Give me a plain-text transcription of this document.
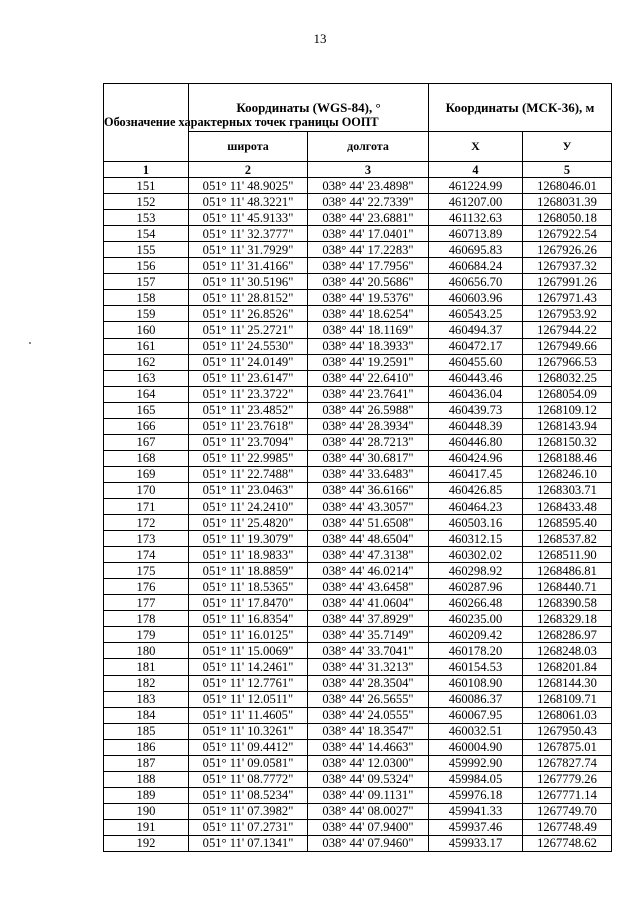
13
Обозначение характерных точек границы ООПТ	Координаты (WGS-84), °		Координаты (МСК-36), м	
	широта	долгота	X	У
1	2	3	4	5
151	051° 11' 48.9025"	038° 44' 23.4898"	461224.99	1268046.01
152	051° 11' 48.3221"	038° 44' 22.7339"	461207.00	1268031.39
153	051° 11' 45.9133"	038° 44' 23.6881"	461132.63	1268050.18
154	051° 11' 32.3777"	038° 44' 17.0401"	460713.89	1267922.54
155	051° 11' 31.7929"	038° 44' 17.2283"	460695.83	1267926.26
156	051° 11' 31.4166"	038° 44' 17.7956"	460684.24	1267937.32
157	051° 11' 30.5196"	038° 44' 20.5686"	460656.70	1267991.26
158	051° 11' 28.8152"	038° 44' 19.5376"	460603.96	1267971.43
159	051° 11' 26.8526"	038° 44' 18.6254"	460543.25	1267953.92
160	051° 11' 25.2721"	038° 44' 18.1169"	460494.37	1267944.22
161	051° 11' 24.5530"	038° 44' 18.3933"	460472.17	1267949.66
162	051° 11' 24.0149"	038° 44' 19.2591"	460455.60	1267966.53
163	051° 11' 23.6147"	038° 44' 22.6410"	460443.46	1268032.25
164	051° 11' 23.3722"	038° 44' 23.7641"	460436.04	1268054.09
165	051° 11' 23.4852"	038° 44' 26.5988"	460439.73	1268109.12
166	051° 11' 23.7618"	038° 44' 28.3934"	460448.39	1268143.94
167	051° 11' 23.7094"	038° 44' 28.7213"	460446.80	1268150.32
168	051° 11' 22.9985"	038° 44' 30.6817"	460424.96	1268188.46
169	051° 11' 22.7488"	038° 44' 33.6483"	460417.45	1268246.10
170	051° 11' 23.0463"	038° 44' 36.6166"	460426.85	1268303.71
171	051° 11' 24.2410"	038° 44' 43.3057"	460464.23	1268433.48
172	051° 11' 25.4820"	038° 44' 51.6508"	460503.16	1268595.40
173	051° 11' 19.3079"	038° 44' 48.6504"	460312.15	1268537.82
174	051° 11' 18.9833"	038° 44' 47.3138"	460302.02	1268511.90
175	051° 11' 18.8859"	038° 44' 46.0214"	460298.92	1268486.81
176	051° 11' 18.5365"	038° 44' 43.6458"	460287.96	1268440.71
177	051° 11' 17.8470"	038° 44' 41.0604"	460266.48	1268390.58
178	051° 11' 16.8354"	038° 44' 37.8929"	460235.00	1268329.18
179	051° 11' 16.0125"	038° 44' 35.7149"	460209.42	1268286.97
180	051° 11' 15.0069"	038° 44' 33.7041"	460178.20	1268248.03
181	051° 11' 14.2461"	038° 44' 31.3213"	460154.53	1268201.84
182	051° 11' 12.7761"	038° 44' 28.3504"	460108.90	1268144.30
183	051° 11' 12.0511"	038° 44' 26.5655"	460086.37	1268109.71
184	051° 11' 11.4605"	038° 44' 24.0555"	460067.95	1268061.03
185	051° 11' 10.3261"	038° 44' 18.3547"	460032.51	1267950.43
186	051° 11' 09.4412"	038° 44' 14.4663"	460004.90	1267875.01
187	051° 11' 09.0581"	038° 44' 12.0300"	459992.90	1267827.74
188	051° 11' 08.7772"	038° 44' 09.5324"	459984.05	1267779.26
189	051° 11' 08.5234"	038° 44' 09.1131"	459976.18	1267771.14
190	051° 11' 07.3982"	038° 44' 08.0027"	459941.33	1267749.70
191	051° 11' 07.2731"	038° 44' 07.9400"	459937.46	1267748.49
192	051° 11' 07.1341"	038° 44' 07.9460"	459933.17	1267748.62
